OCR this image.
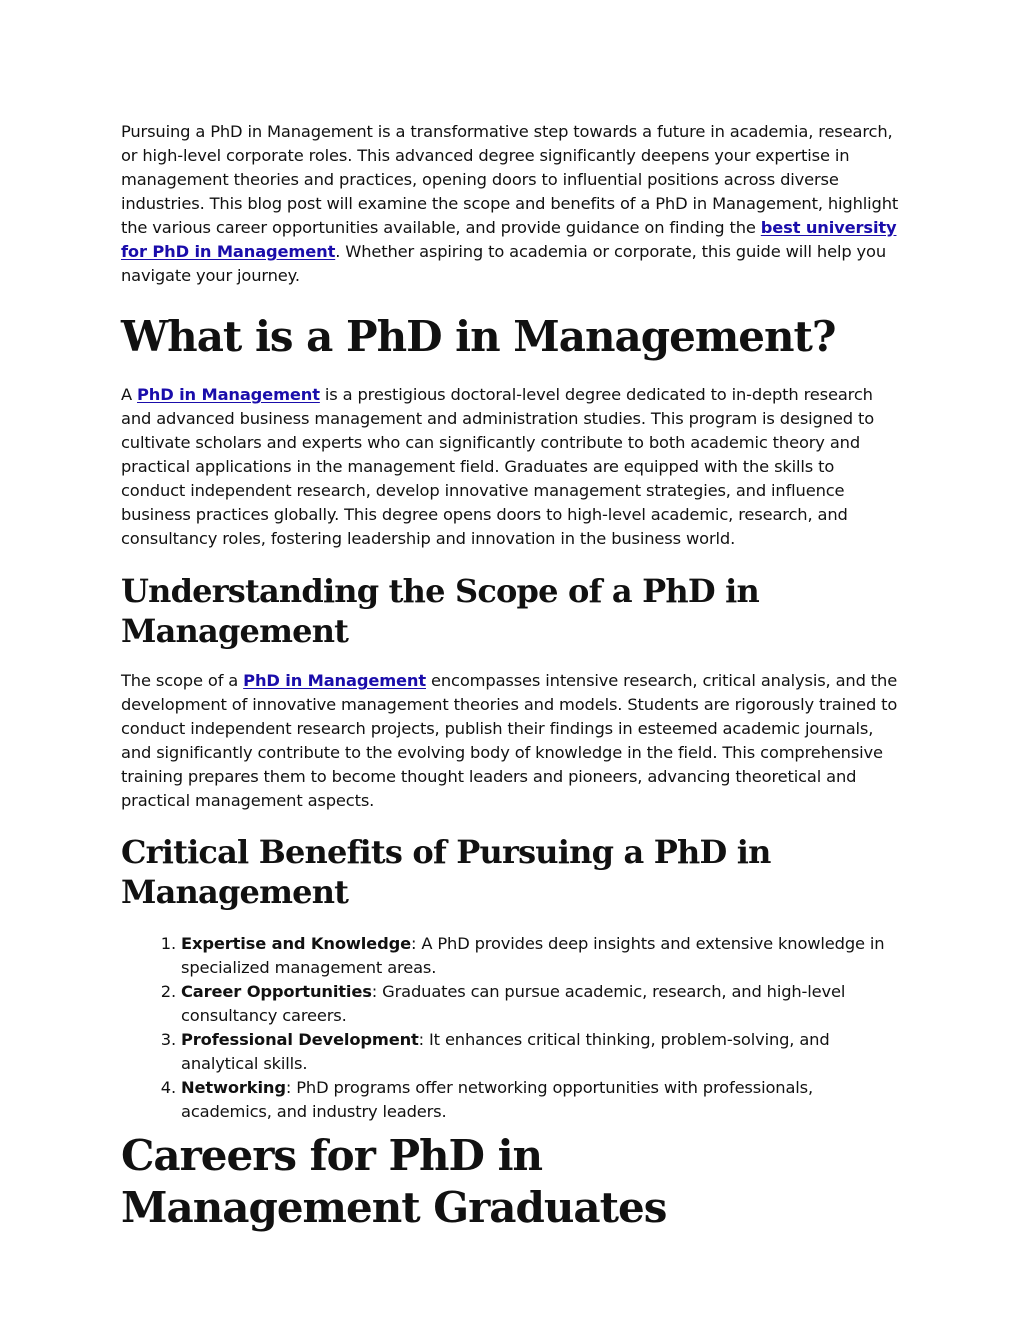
Pursuing a PhD in Management is a transformative step towards a future in academia, research, or high-level corporate roles. This advanced degree significantly deepens your expertise in management theories and practices, opening doors to influential positions across diverse industries. This blog post will examine the scope and benefits of a PhD in Management, highlight the various career opportunities available, and provide guidance on finding the best university for PhD in Management. Whether aspiring to academia or corporate, this guide will help you navigate your journey.

What is a PhD in Management?

A PhD in Management is a prestigious doctoral-level degree dedicated to in-depth research and advanced business management and administration studies. This program is designed to cultivate scholars and experts who can significantly contribute to both academic theory and practical applications in the management field. Graduates are equipped with the skills to conduct independent research, develop innovative management strategies, and influence business practices globally. This degree opens doors to high-level academic, research, and consultancy roles, fostering leadership and innovation in the business world.

Understanding the Scope of a PhD in Management

The scope of a PhD in Management encompasses intensive research, critical analysis, and the development of innovative management theories and models. Students are rigorously trained to conduct independent research projects, publish their findings in esteemed academic journals, and significantly contribute to the evolving body of knowledge in the field. This comprehensive training prepares them to become thought leaders and pioneers, advancing theoretical and practical management aspects.

Critical Benefits of Pursuing a PhD in Management
1. Expertise and Knowledge: A PhD provides deep insights and extensive knowledge in specialized management areas.
2. Career Opportunities: Graduates can pursue academic, research, and high-level consultancy careers.
3. Professional Development: It enhances critical thinking, problem-solving, and analytical skills.
4. Networking: PhD programs offer networking opportunities with professionals, academics, and industry leaders.
Careers for PhD in Management Graduates
